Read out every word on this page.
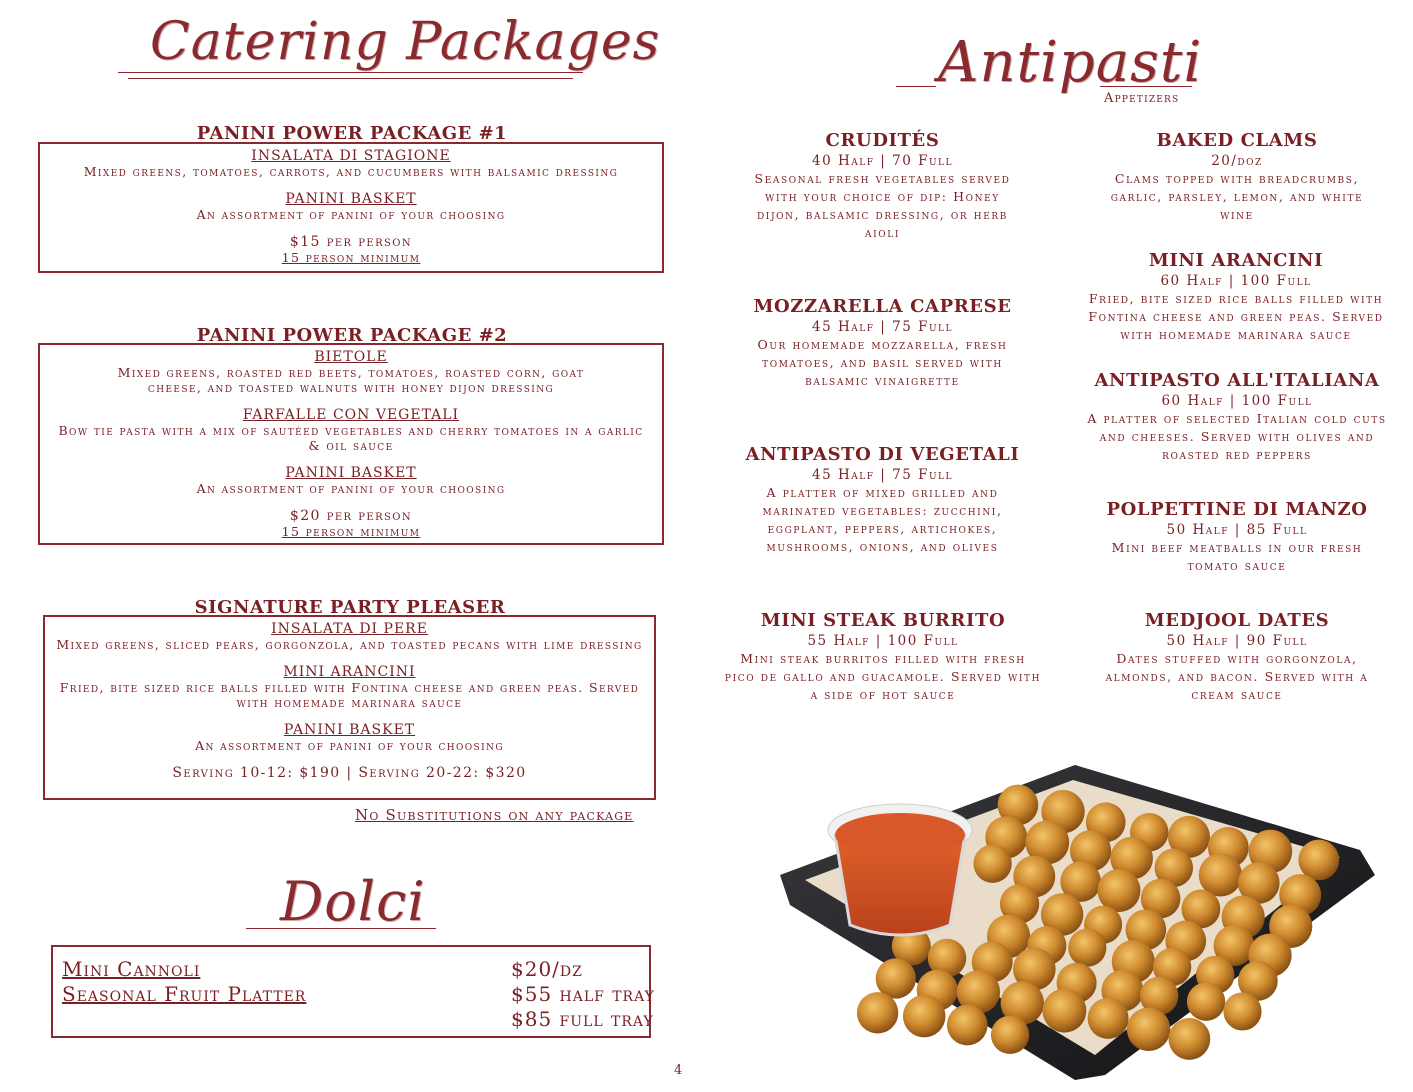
Catering Packages
PANINI POWER PACKAGE #1
INSALATA DI STAGIONE
Mixed greens, tomatoes, carrots, and cucumbers with balsamic dressing
PANINI BASKET
An assortment of panini of your choosing
$15 per person
15 person minimum
PANINI POWER PACKAGE #2
BIETOLE
Mixed greens, roasted red beets, tomatoes, roasted corn, goat cheese, and toasted walnuts with honey dijon dressing
FARFALLE CON VEGETALI
Bow tie pasta with a mix of sautéed vegetables and cherry tomatoes in a garlic & oil sauce
PANINI BASKET
An assortment of panini of your choosing
$20 per person
15 person minimum
SIGNATURE PARTY PLEASER
INSALATA DI PERE
Mixed greens, sliced pears, gorgonzola, and toasted pecans with lime dressing
MINI ARANCINI
Fried, bite sized rice balls filled with Fontina cheese and green peas. Served with homemade marinara sauce
PANINI BASKET
An assortment of panini of your choosing
Serving 10-12: $190 | Serving 20-22: $320
No Substitutions on any package
Dolci
Mini Cannoli	$20/dz
Seasonal Fruit Platter	$55 half tray
$85 full tray
Antipasti
Appetizers
CRUDITÉS
40 Half | 70 Full
Seasonal fresh vegetables served with your choice of dip: Honey dijon, balsamic dressing, or herb aioli
MOZZARELLA CAPRESE
45 Half | 75 Full
Our homemade mozzarella, fresh tomatoes, and basil served with balsamic vinaigrette
ANTIPASTO DI VEGETALI
45 Half | 75 Full
A platter of mixed grilled and marinated vegetables: zucchini, eggplant, peppers, artichokes, mushrooms, onions, and olives
MINI STEAK BURRITO
55 Half | 100 Full
Mini steak burritos filled with fresh pico de gallo and guacamole. Served with a side of hot sauce
BAKED CLAMS
20/doz
Clams topped with breadcrumbs, garlic, parsley, lemon, and white wine
MINI ARANCINI
60 Half | 100 Full
Fried, bite sized rice balls filled with Fontina cheese and green peas. Served with homemade marinara sauce
ANTIPASTO ALL'ITALIANA
60 Half | 100 Full
A platter of selected Italian cold cuts and cheeses. Served with olives and roasted red peppers
POLPETTINE DI MANZO
50 Half | 85 Full
Mini beef meatballs in our fresh tomato sauce
MEDJOOL DATES
50 Half | 90 Full
Dates stuffed with gorgonzola, almonds, and bacon. Served with a cream sauce
4
